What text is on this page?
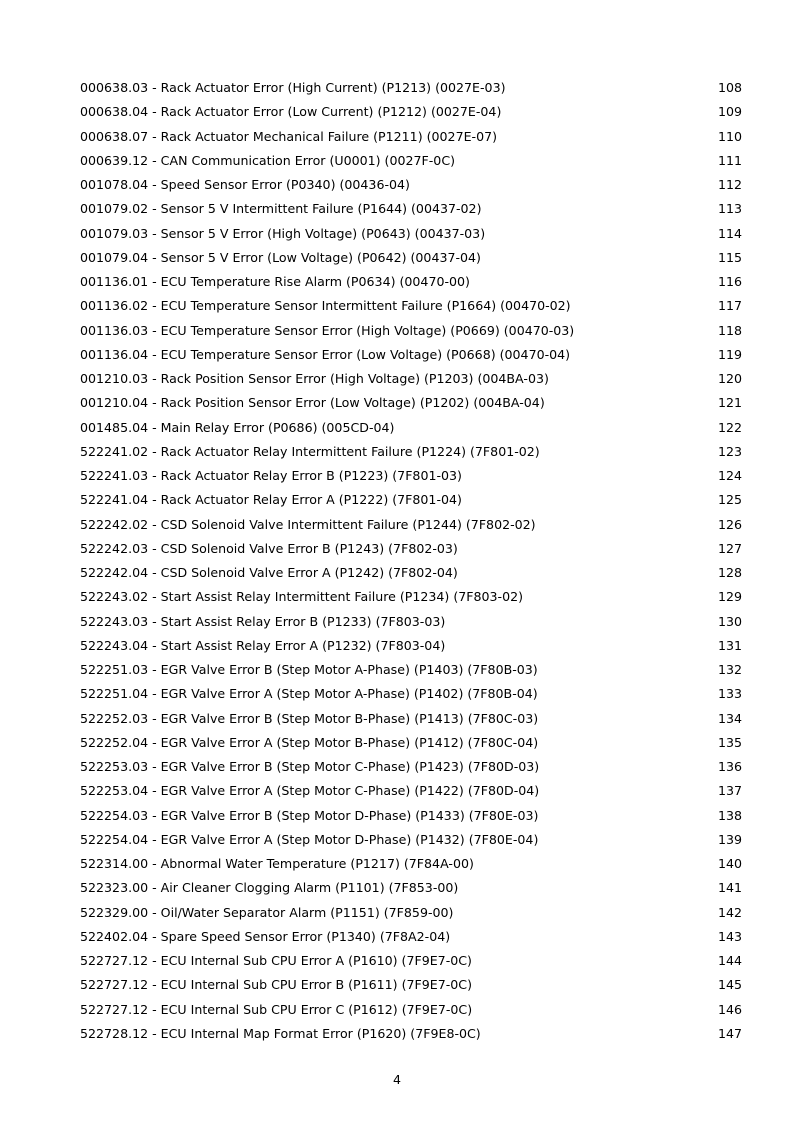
000638.03 - Rack Actuator Error (High Current) (P1213) (0027E-03)	108
000638.04 - Rack Actuator Error (Low Current) (P1212) (0027E-04)	109
000638.07 - Rack Actuator Mechanical Failure (P1211) (0027E-07)	110
000639.12 - CAN Communication Error (U0001) (0027F-0C)	111
001078.04 - Speed Sensor Error (P0340) (00436-04)	112
001079.02 - Sensor 5 V Intermittent Failure (P1644) (00437-02)	113
001079.03 - Sensor 5 V Error (High Voltage) (P0643) (00437-03)	114
001079.04 - Sensor 5 V Error (Low Voltage) (P0642) (00437-04)	115
001136.01 - ECU Temperature Rise Alarm (P0634) (00470-00)	116
001136.02 - ECU Temperature Sensor Intermittent Failure (P1664) (00470-02)	117
001136.03 - ECU Temperature Sensor Error (High Voltage) (P0669) (00470-03)	118
001136.04 - ECU Temperature Sensor Error (Low Voltage) (P0668) (00470-04)	119
001210.03 - Rack Position Sensor Error (High Voltage) (P1203) (004BA-03)	120
001210.04 - Rack Position Sensor Error (Low Voltage) (P1202) (004BA-04)	121
001485.04 - Main Relay Error (P0686) (005CD-04)	122
522241.02 - Rack Actuator Relay Intermittent Failure (P1224) (7F801-02)	123
522241.03 - Rack Actuator Relay Error B (P1223) (7F801-03)	124
522241.04 - Rack Actuator Relay Error A (P1222) (7F801-04)	125
522242.02 - CSD Solenoid Valve Intermittent Failure (P1244) (7F802-02)	126
522242.03 - CSD Solenoid Valve Error B (P1243) (7F802-03)	127
522242.04 - CSD Solenoid Valve Error A (P1242) (7F802-04)	128
522243.02 - Start Assist Relay Intermittent Failure (P1234) (7F803-02)	129
522243.03 - Start Assist Relay Error B (P1233) (7F803-03)	130
522243.04 - Start Assist Relay Error A (P1232) (7F803-04)	131
522251.03 - EGR Valve Error B (Step Motor A-Phase) (P1403) (7F80B-03)	132
522251.04 - EGR Valve Error A (Step Motor A-Phase) (P1402) (7F80B-04)	133
522252.03 - EGR Valve Error B (Step Motor B-Phase) (P1413) (7F80C-03)	134
522252.04 - EGR Valve Error A (Step Motor B-Phase) (P1412) (7F80C-04)	135
522253.03 - EGR Valve Error B (Step Motor C-Phase) (P1423) (7F80D-03)	136
522253.04 - EGR Valve Error A (Step Motor C-Phase) (P1422) (7F80D-04)	137
522254.03 - EGR Valve Error B (Step Motor D-Phase) (P1433) (7F80E-03)	138
522254.04 - EGR Valve Error A (Step Motor D-Phase) (P1432) (7F80E-04)	139
522314.00 - Abnormal Water Temperature (P1217) (7F84A-00)	140
522323.00 - Air Cleaner Clogging Alarm (P1101) (7F853-00)	141
522329.00 - Oil/Water Separator Alarm (P1151) (7F859-00)	142
522402.04 - Spare Speed Sensor Error (P1340) (7F8A2-04)	143
522727.12 - ECU Internal Sub CPU Error A (P1610) (7F9E7-0C)	144
522727.12 - ECU Internal Sub CPU Error B (P1611) (7F9E7-0C)	145
522727.12 - ECU Internal Sub CPU Error C (P1612) (7F9E7-0C)	146
522728.12 - ECU Internal Map Format Error (P1620) (7F9E8-0C)	147
4
